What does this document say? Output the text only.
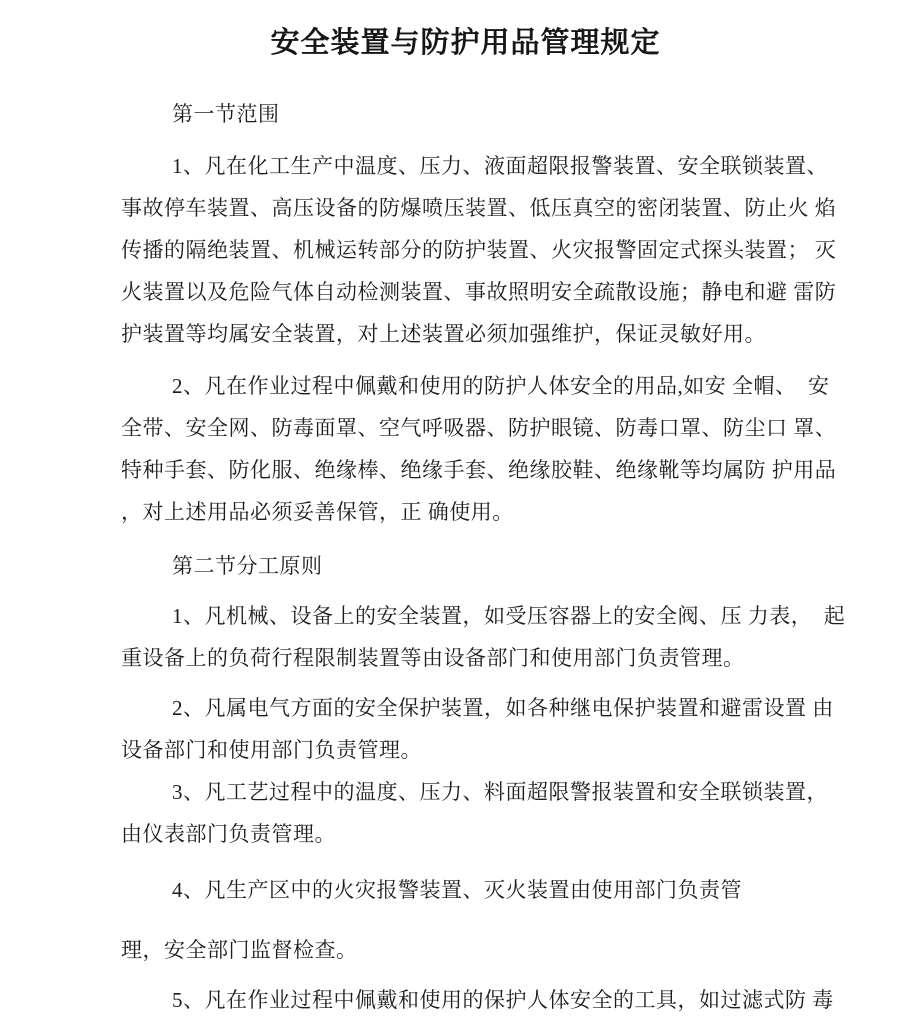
安全装置与防护用品管理规定
第一节范围
1、凡在化工生产中温度、压力、液面超限报警装置、安全联锁装置、
事故停车装置、高压设备的防爆喷压装置、低压真空的密闭装置、防止火 焰
传播的隔绝装置、机械运转部分的防护装置、火灾报警固定式探头装置； 灭
火装置以及危险气体自动检测装置、事故照明安全疏散设施；静电和避 雷防
护装置等均属安全装置，对上述装置必须加强维护，保证灵敏好用。
2、凡在作业过程中佩戴和使用的防护人体安全的用品,如安 全帽、  安
全带、安全网、防毒面罩、空气呼吸器、防护眼镜、防毒口罩、防尘口 罩、
特种手套、防化服、绝缘棒、绝缘手套、绝缘胶鞋、绝缘靴等均属防 护用品
，对上述用品必须妥善保管，正 确使用。
第二节分工原则
1、凡机械、设备上的安全装置，如受压容器上的安全阀、压 力表，  起
重设备上的负荷行程限制装置等由设备部门和使用部门负责管理。
2、凡属电气方面的安全保护装置，如各种继电保护装置和避雷设置 由
设备部门和使用部门负责管理。
3、凡工艺过程中的温度、压力、料面超限警报装置和安全联锁装置，
由仪表部门负责管理。
4、凡生产区中的火灾报警装置、灭火装置由使用部门负责管
理，安全部门监督检查。
5、凡在作业过程中佩戴和使用的保护人体安全的工具，如过滤式防 毒
